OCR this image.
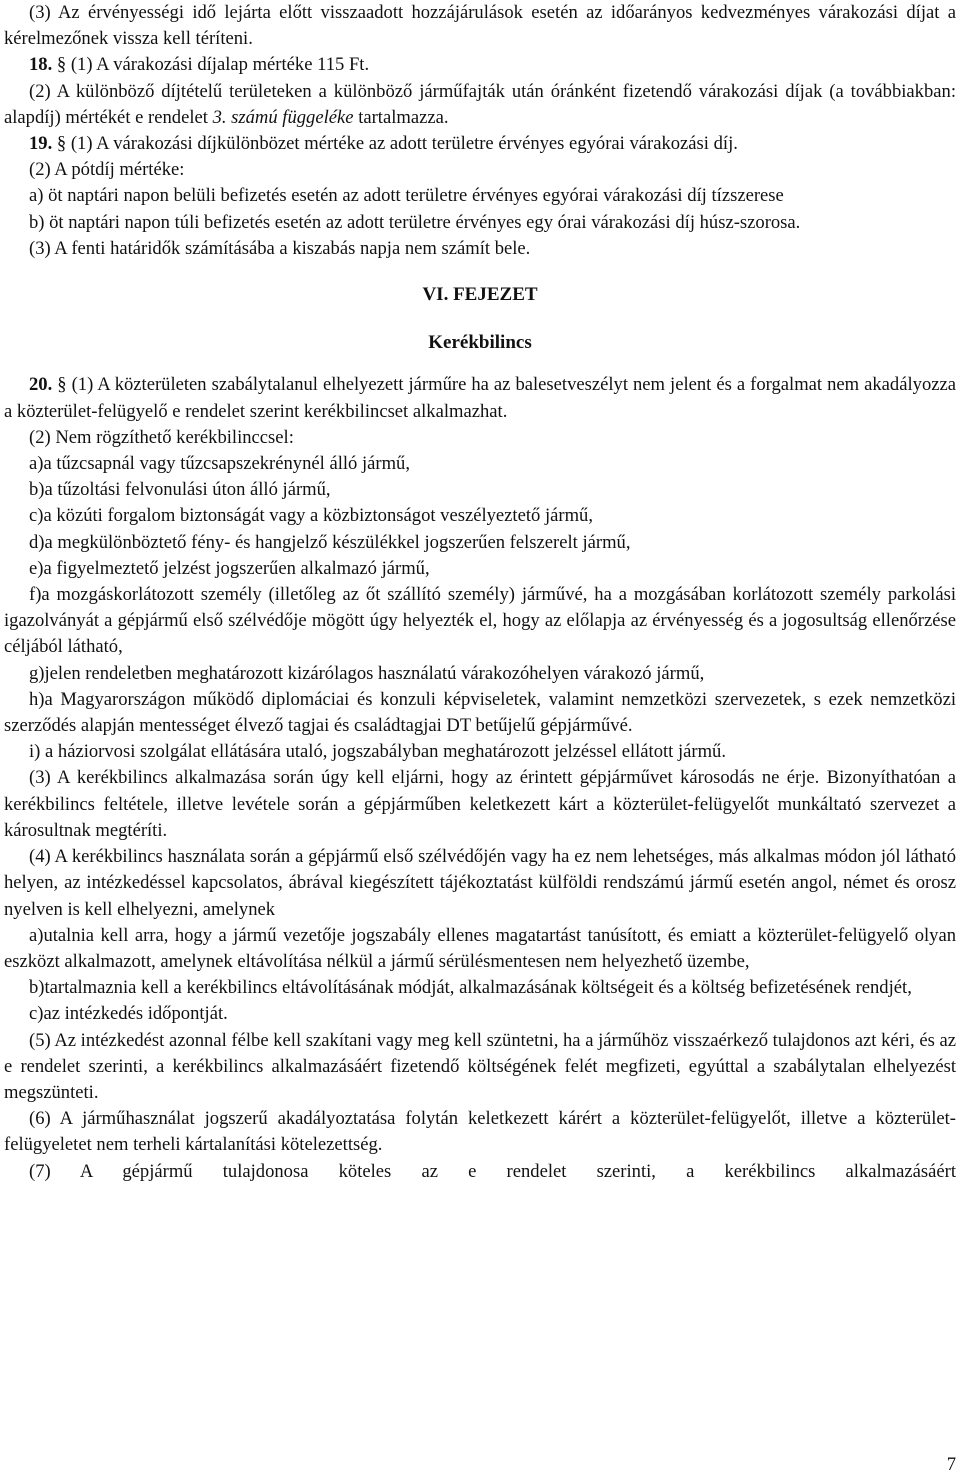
(3) Az érvényességi idő lejárta előtt visszaadott hozzájárulások esetén az időarányos kedvezményes várakozási díjat a kérelmezőnek vissza kell téríteni.

18. § (1) A várakozási díjalap mértéke 115 Ft.

(2) A különböző díjtételű területeken a különböző járműfajták után óránként fizetendő várakozási díjak (a továbbiakban: alapdíj) mértékét e rendelet 3. számú függeléke tartalmazza.

19. § (1) A várakozási díjkülönbözet mértéke az adott területre érvényes egyórai várakozási díj.

(2) A pótdíj mértéke:

a) öt naptári napon belüli befizetés esetén az adott területre érvényes egyórai várakozási díj tízszerese

b) öt naptári napon túli befizetés esetén az adott területre érvényes egy órai várakozási díj húsz-szorosa.

(3) A fenti határidők számításába a kiszabás napja nem számít bele.

VI. FEJEZET

Kerékbilincs

20. § (1) A közterületen szabálytalanul elhelyezett járműre ha az balesetveszélyt nem jelent és a forgalmat nem akadályozza a közterület-felügyelő e rendelet szerint kerékbilincset alkalmazhat.

(2) Nem rögzíthető kerékbilinccsel:

a)a tűzcsapnál vagy tűzcsapszekrénynél álló jármű,

b)a tűzoltási felvonulási úton álló jármű,

c)a közúti forgalom biztonságát vagy a közbiztonságot veszélyeztető jármű,

d)a megkülönböztető fény- és hangjelző készülékkel jogszerűen felszerelt jármű,

e)a figyelmeztető jelzést jogszerűen alkalmazó jármű,

f)a mozgáskorlátozott személy (illetőleg az őt szállító személy) járművé, ha a mozgásában korlátozott személy parkolási igazolványát a gépjármű első szélvédője mögött úgy helyezték el, hogy az előlapja az érvényesség és a jogosultság ellenőrzése céljából látható,

g)jelen rendeletben meghatározott kizárólagos használatú várakozóhelyen várakozó jármű,

h)a Magyarországon működő diplomáciai és konzuli képviseletek, valamint nemzetközi szervezetek, s ezek nemzetközi szerződés alapján mentességet élvező tagjai és családtagjai DT betűjelű gépjárművé.

i) a háziorvosi szolgálat ellátására utaló, jogszabályban meghatározott jelzéssel ellátott jármű.

(3) A kerékbilincs alkalmazása során úgy kell eljárni, hogy az érintett gépjárművet károsodás ne érje. Bizonyíthatóan a kerékbilincs feltétele, illetve levétele során a gépjárműben keletkezett kárt a közterület-felügyelőt munkáltató szervezet a károsultnak megtéríti.

(4) A kerékbilincs használata során a gépjármű első szélvédőjén vagy ha ez nem lehetséges, más alkalmas módon jól látható helyen, az intézkedéssel kapcsolatos, ábrával kiegészített tájékoztatást külföldi rendszámú jármű esetén angol, német és orosz nyelven is kell elhelyezni, amelynek

a)utalnia kell arra, hogy a jármű vezetője jogszabály ellenes magatartást tanúsított, és emiatt a közterület-felügyelő olyan eszközt alkalmazott, amelynek eltávolítása nélkül a jármű sérülésmentesen nem helyezhető üzembe,

b)tartalmaznia kell a kerékbilincs eltávolításának módját, alkalmazásának költségeit és a költség befizetésének rendjét,

c)az intézkedés időpontját.

(5) Az intézkedést azonnal félbe kell szakítani vagy meg kell szüntetni, ha a járműhöz visszaérkező tulajdonos azt kéri, és az e rendelet szerinti, a kerékbilincs alkalmazásáért fizetendő költségének felét megfizeti, egyúttal a szabálytalan elhelyezést megszünteti.

(6) A járműhasználat jogszerű akadályoztatása folytán keletkezett kárért a közterület-felügyelőt, illetve a közterület-felügyeletet nem terheli kártalanítási kötelezettség.

(7) A gépjármű tulajdonosa köteles az e rendelet szerinti, a kerékbilincs alkalmazásáért

7
